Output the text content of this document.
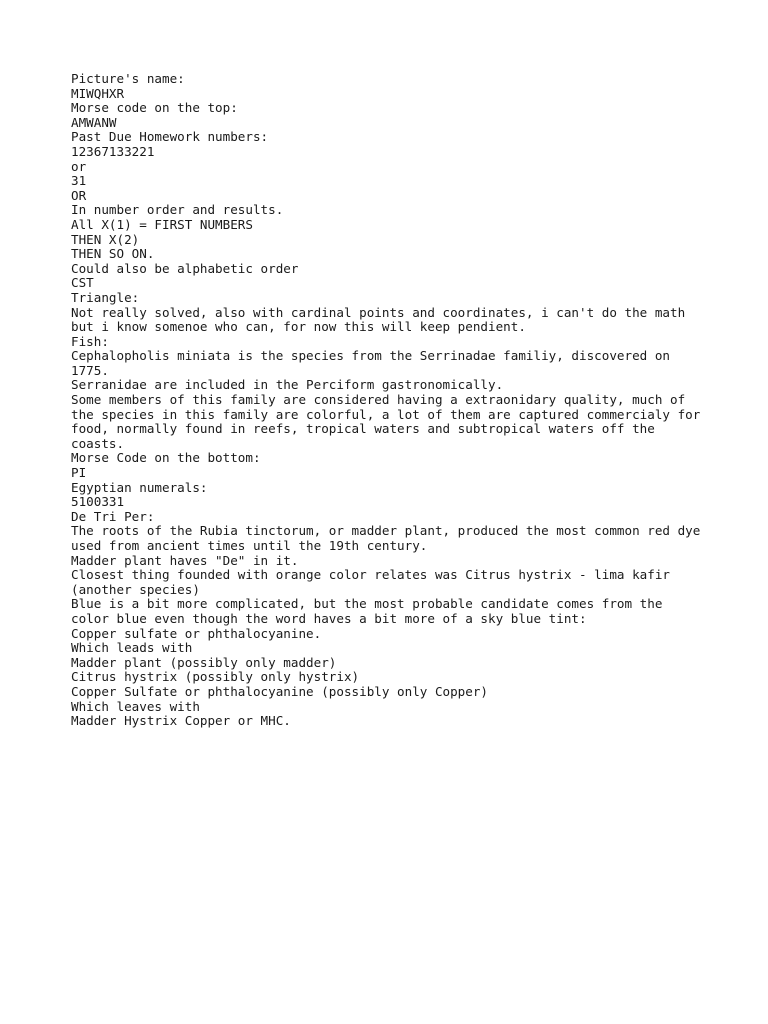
Picture's name:
MIWQHXR
Morse code on the top:
AMWANW
Past Due Homework numbers:
12367133221
or
31
OR
In number order and results.
All X(1) = FIRST NUMBERS
THEN X(2)
THEN SO ON.
Could also be alphabetic order
CST
Triangle:
Not really solved, also with cardinal points and coordinates, i can't do the math
but i know somenoe who can, for now this will keep pendient.
Fish:
Cephalopholis miniata is the species from the Serrinadae familiy, discovered on
1775.
Serranidae are included in the Perciform gastronomically.
Some members of this family are considered having a extraonidary quality, much of
the species in this family are colorful, a lot of them are captured commercialy for
food, normally found in reefs, tropical waters and subtropical waters off the
coasts.
Morse Code on the bottom:
PI
Egyptian numerals:
5100331
De Tri Per:
The roots of the Rubia tinctorum, or madder plant, produced the most common red dye
used from ancient times until the 19th century.
Madder plant haves "De" in it.
Closest thing founded with orange color relates was Citrus hystrix - lima kafir
(another species)
Blue is a bit more complicated, but the most probable candidate comes from the
color blue even though the word haves a bit more of a sky blue tint:
Copper sulfate or phthalocyanine.
Which leads with
Madder plant (possibly only madder)
Citrus hystrix (possibly only hystrix)
Copper Sulfate or phthalocyanine (possibly only Copper)
Which leaves with
Madder Hystrix Copper or MHC.
